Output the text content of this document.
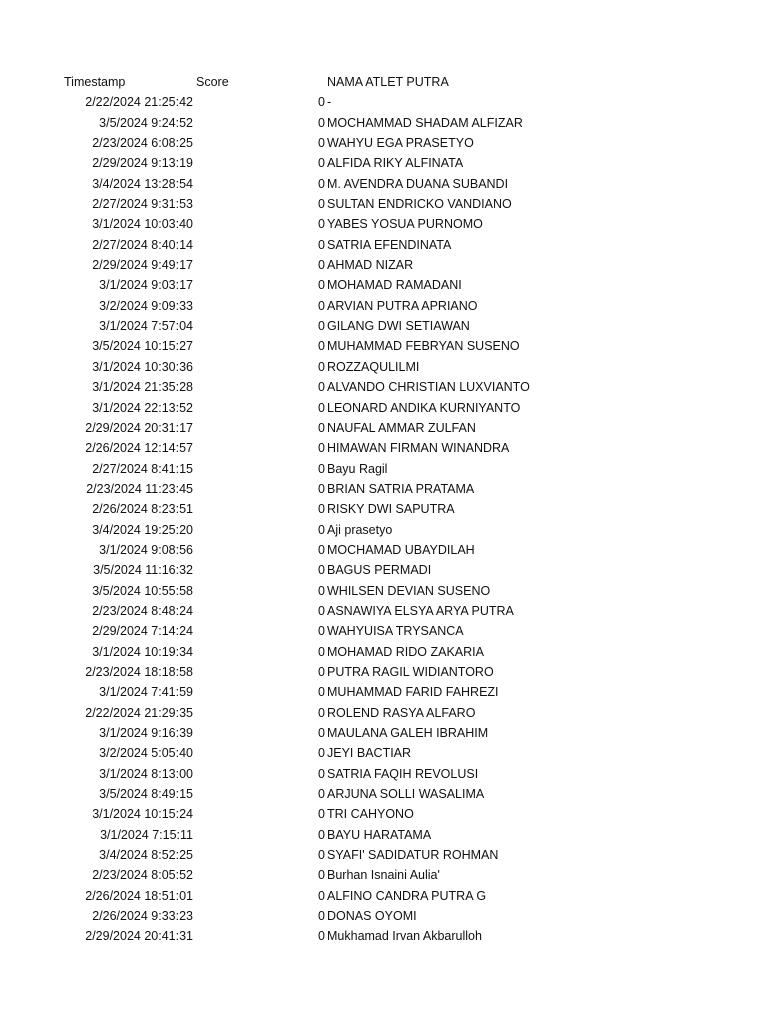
Timestamp	Score	NAMA ATLET PUTRA
2/22/2024 21:25:42	0 -
3/5/2024 9:24:52	0 MOCHAMMAD SHADAM ALFIZAR
2/23/2024 6:08:25	0 WAHYU EGA PRASETYO
2/29/2024 9:13:19	0 ALFIDA RIKY ALFINATA
3/4/2024 13:28:54	0 M. AVENDRA DUANA SUBANDI
2/27/2024 9:31:53	0 SULTAN ENDRICKO VANDIANO
3/1/2024 10:03:40	0 YABES YOSUA PURNOMO
2/27/2024 8:40:14	0 SATRIA EFENDINATA
2/29/2024 9:49:17	0 AHMAD NIZAR
3/1/2024 9:03:17	0 MOHAMAD RAMADANI
3/2/2024 9:09:33	0 ARVIAN PUTRA APRIANO
3/1/2024 7:57:04	0 GILANG DWI SETIAWAN
3/5/2024 10:15:27	0 MUHAMMAD FEBRYAN SUSENO
3/1/2024 10:30:36	0 ROZZAQULILMI
3/1/2024 21:35:28	0 ALVANDO CHRISTIAN LUXVIANTO
3/1/2024 22:13:52	0 LEONARD ANDIKA KURNIYANTO
2/29/2024 20:31:17	0 NAUFAL AMMAR ZULFAN
2/26/2024 12:14:57	0 HIMAWAN FIRMAN WINANDRA
2/27/2024 8:41:15	0 Bayu Ragil
2/23/2024 11:23:45	0 BRIAN SATRIA PRATAMA
2/26/2024 8:23:51	0 RISKY DWI SAPUTRA
3/4/2024 19:25:20	0 Aji prasetyo
3/1/2024 9:08:56	0 MOCHAMAD UBAYDILAH
3/5/2024 11:16:32	0 BAGUS PERMADI
3/5/2024 10:55:58	0 WHILSEN DEVIAN SUSENO
2/23/2024 8:48:24	0 ASNAWIYA ELSYA ARYA PUTRA
2/29/2024 7:14:24	0 WAHYUISA TRYSANCA
3/1/2024 10:19:34	0 MOHAMAD RIDO ZAKARIA
2/23/2024 18:18:58	0 PUTRA RAGIL WIDIANTORO
3/1/2024 7:41:59	0 MUHAMMAD FARID FAHREZI
2/22/2024 21:29:35	0 ROLEND RASYA ALFARO
3/1/2024 9:16:39	0 MAULANA GALEH IBRAHIM
3/2/2024 5:05:40	0 JEYI BACTIAR
3/1/2024 8:13:00	0 SATRIA FAQIH REVOLUSI
3/5/2024 8:49:15	0 ARJUNA SOLLI WASALIMA
3/1/2024 10:15:24	0 TRI CAHYONO
3/1/2024 7:15:11	0 BAYU HARATAMA
3/4/2024 8:52:25	0 SYAFI' SADIDATUR ROHMAN
2/23/2024 8:05:52	0 Burhan Isnaini Aulia'
2/26/2024 18:51:01	0 ALFINO CANDRA PUTRA G
2/26/2024 9:33:23	0 DONAS OYOMI
2/29/2024 20:41:31	0 Mukhamad Irvan Akbarulloh
